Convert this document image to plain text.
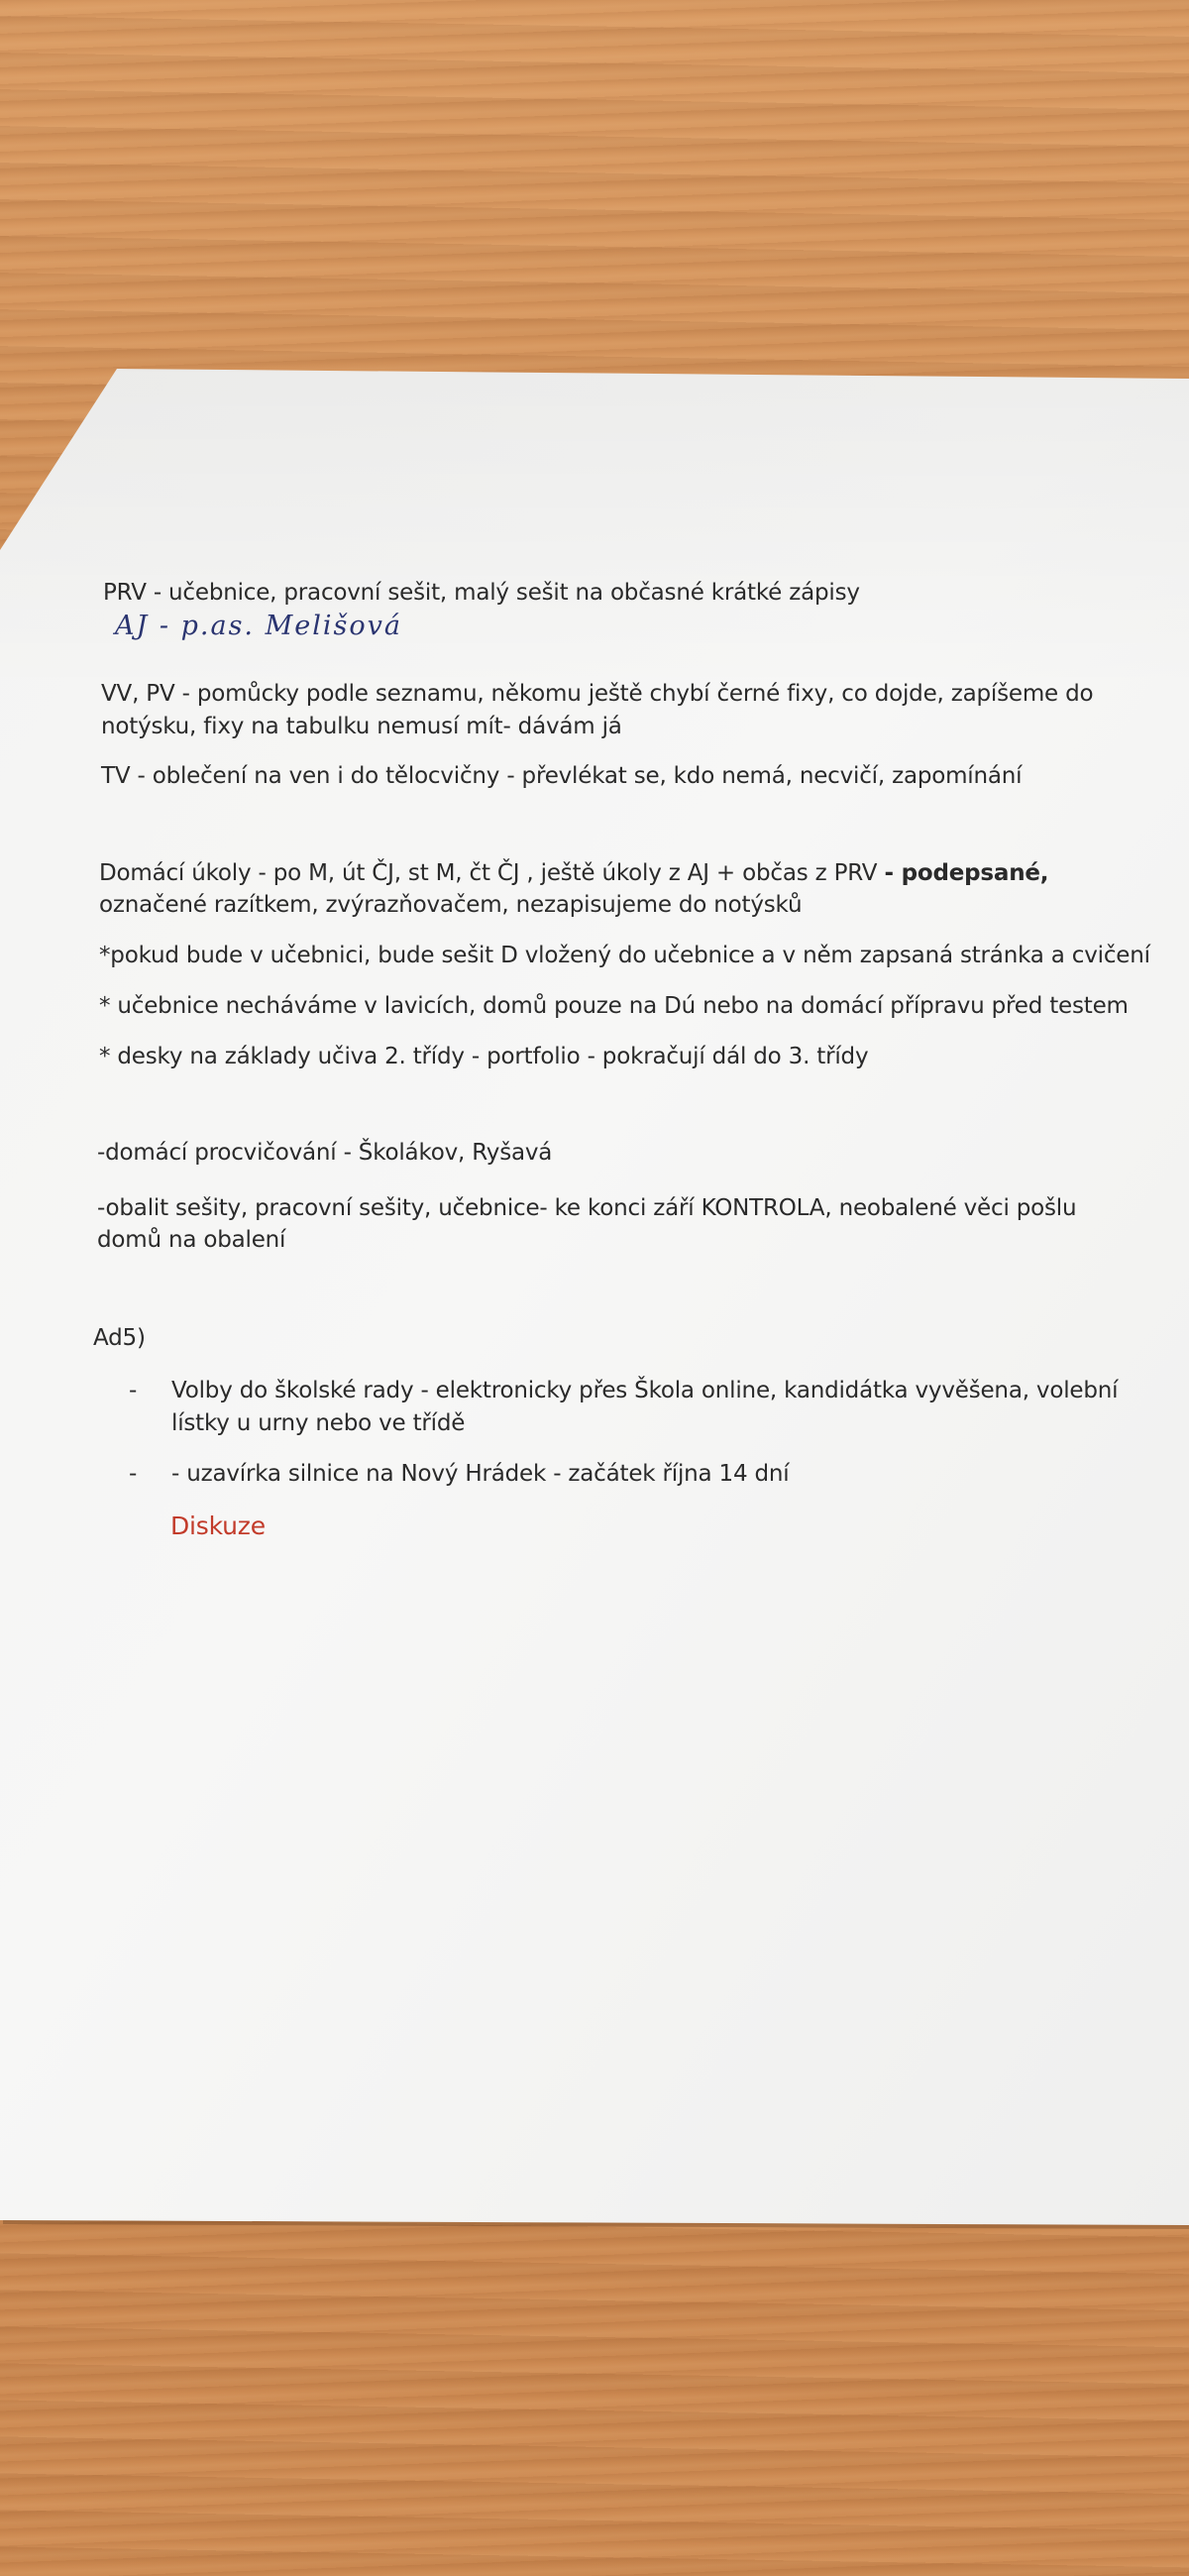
PRV - učebnice, pracovní sešit, malý sešit na občasné krátké zápisy
AJ - p.as. Melišová
VV, PV - pomůcky podle seznamu, někomu ještě chybí černé fixy, co dojde, zapíšeme do
notýsku, fixy na tabulku nemusí mít- dávám já
TV - oblečení na ven i do tělocvičny - převlékat se, kdo nemá, necvičí, zapomínání
Domácí úkoly - po M, út ČJ, st M, čt ČJ , ještě úkoly z AJ + občas z PRV - podepsané,
označené razítkem, zvýrazňovačem, nezapisujeme do notýsků
*pokud bude v učebnici, bude sešit D vložený do učebnice a v něm zapsaná stránka a cvičení
* učebnice necháváme v lavicích, domů pouze na Dú nebo na domácí přípravu před testem
* desky na základy učiva 2. třídy - portfolio - pokračují dál do 3. třídy
-domácí procvičování - Školákov, Ryšavá
-obalit sešity, pracovní sešity, učebnice- ke konci září KONTROLA, neobalené věci pošlu
domů na obalení
Ad5)
- Volby do školské rady - elektronicky přes Škola online, kandidátka vyvěšena, volební
lístky u urny nebo ve třídě
- - uzavírka silnice na Nový Hrádek - začátek října 14 dní
Diskuze
